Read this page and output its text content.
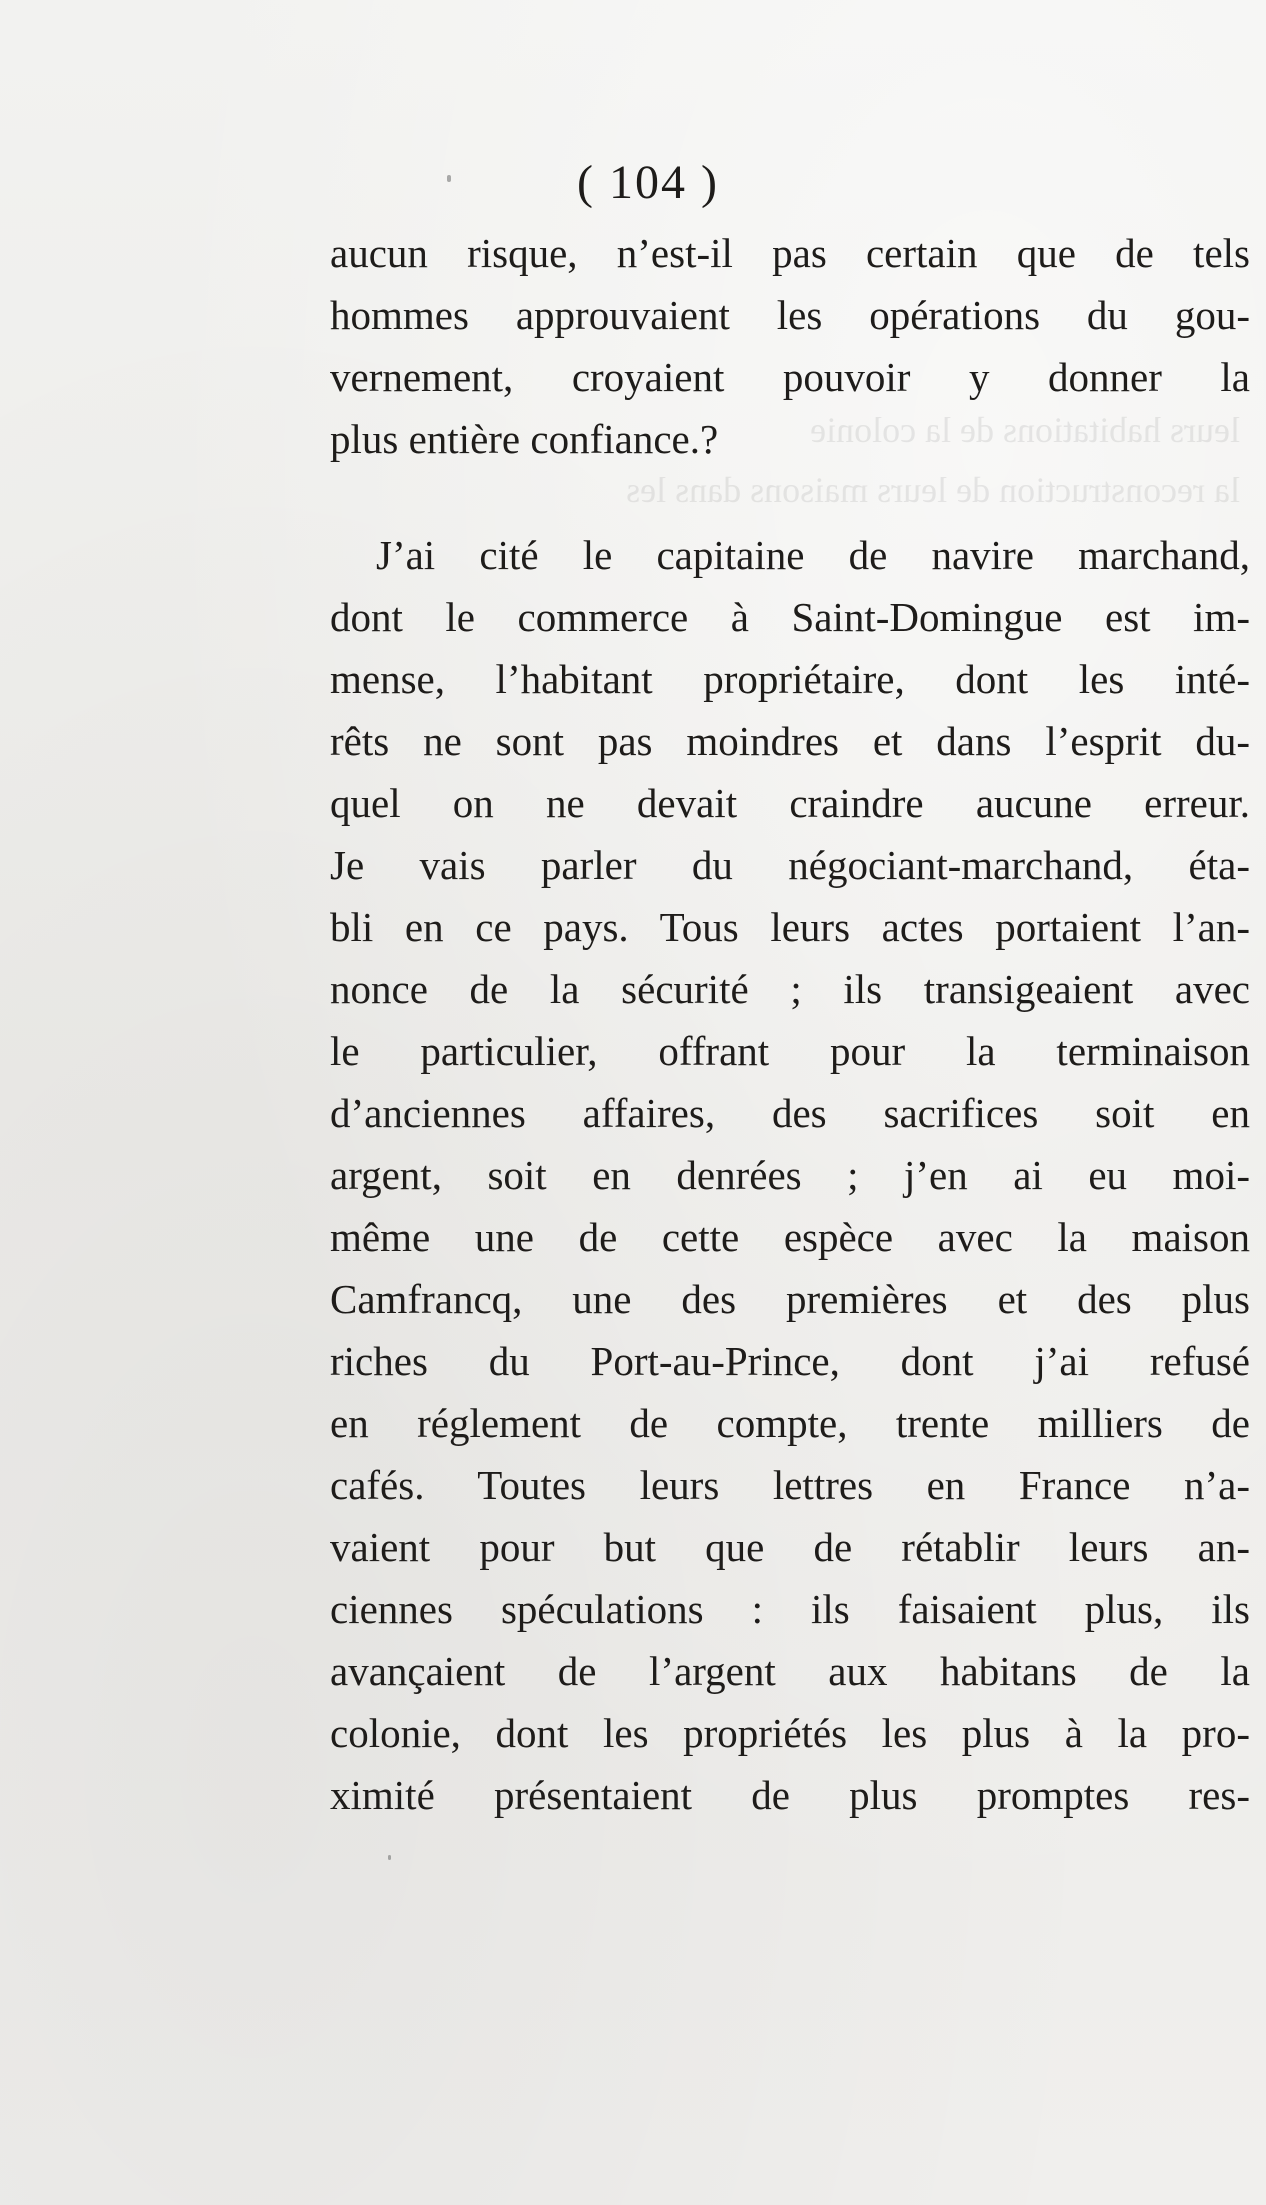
leurs habitations de la colonie
la reconstruction de leurs maisons dans les
( 104 )
aucun risque, n’est-il pas certain que de tels
hommes approuvaient les opérations du gou-
vernement, croyaient pouvoir y donner la
plus entière confiance.?
J’ai cité le capitaine de navire marchand,
dont le commerce à Saint-Domingue est im-
mense, l’habitant propriétaire, dont les inté-
rêts ne sont pas moindres et dans l’esprit du-
quel on ne devait craindre aucune erreur.
Je vais parler du négociant-marchand, éta-
bli en ce pays. Tous leurs actes portaient l’an-
nonce de la sécurité ; ils transigeaient avec
le particulier, offrant pour la terminaison
d’anciennes affaires, des sacrifices soit en
argent, soit en denrées ; j’en ai eu moi-
même une de cette espèce avec la maison
Camfrancq, une des premières et des plus
riches du Port-au-Prince, dont j’ai refusé
en réglement de compte, trente milliers de
cafés. Toutes leurs lettres en France n’a-
vaient pour but que de rétablir leurs an-
ciennes spéculations : ils faisaient plus, ils
avançaient de l’argent aux habitans de la
colonie, dont les propriétés les plus à la pro-
ximité présentaient de plus promptes res-
